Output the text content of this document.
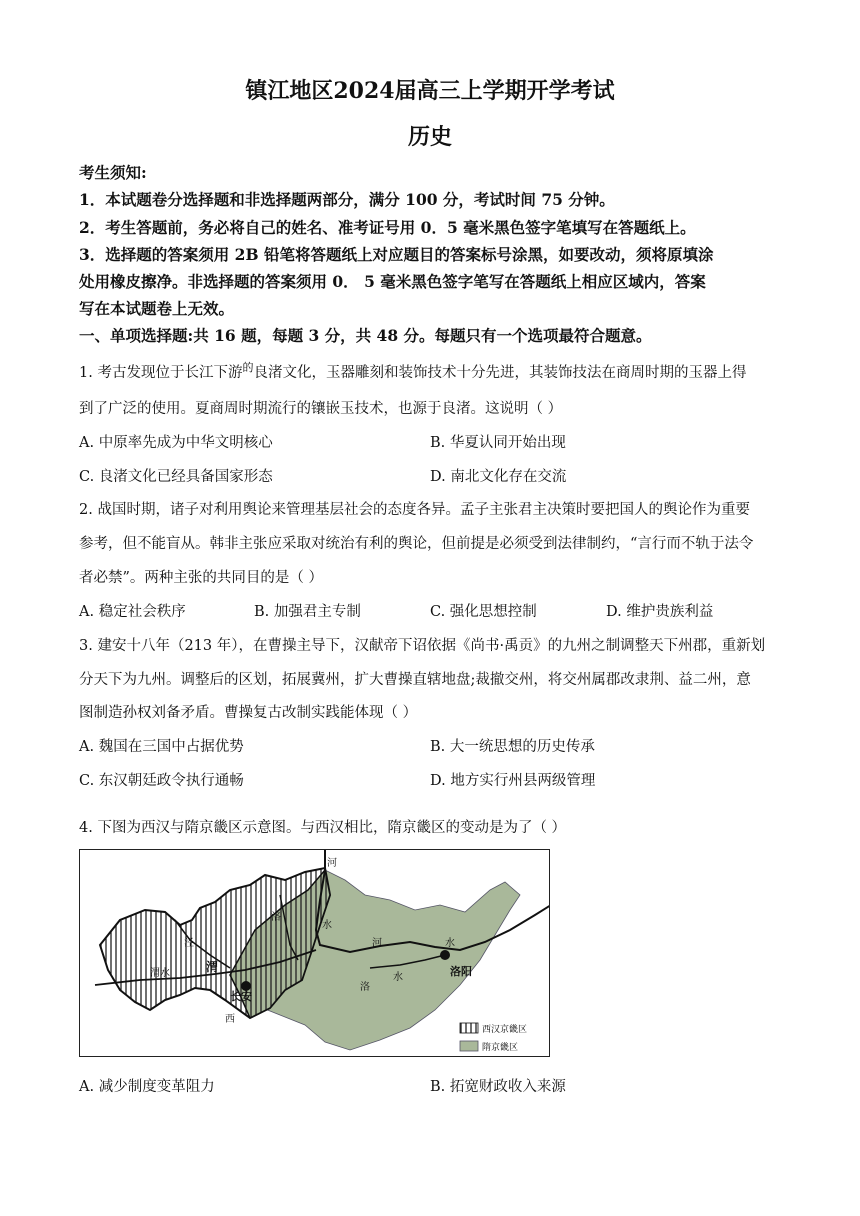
镇江地区2024届高三上学期开学考试
历史
考生须知:
1．本试题卷分选择题和非选择题两部分，满分 100 分，考试时间 75 分钟。
2．考生答题前，务必将自己的姓名、准考证号用 0．5 毫米黑色签字笔填写在答题纸上。
3．选择题的答案须用 2B 铅笔将答题纸上对应题目的答案标号涂黑，如要改动，须将原填涂
处用橡皮擦净。非选择题的答案须用 0． 5 毫米黑色签字笔写在答题纸上相应区域内，答案
写在本试题卷上无效。
一、单项选择题:共 16 题，每题 3 分，共 48 分。每题只有一个选项最符合题意。
1. 考古发现位于长江下游$^的$良渚文化，玉器雕刻和装饰技术十分先进，其装饰技法在商周时期的玉器上得
到了广泛的使用。夏商周时期流行的镶嵌玉技术，也源于良渚。这说明（ ）
A. 中原率先成为中华文明核心	B. 华夏认同开始出现
C. 良渚文化已经具备国家形态	D. 南北文化存在交流
2. 战国时期，诸子对利用舆论来管理基层社会的态度各异。孟子主张君主决策时要把国人的舆论作为重要
参考，但不能盲从。韩非主张应采取对统治有利的舆论，但前提是必须受到法律制约，“言行而不轨于法令
者必禁”。两种主张的共同目的是（ ）
A. 稳定社会秩序	B. 加强君主专制	C. 强化思想控制	D. 维护贵族利益
3. 建安十八年（213 年），在曹操主导下，汉献帝下诏依据《尚书·禹贡》的九州之制调整天下州郡，重新划
分天下为九州。调整后的区划，拓展冀州，扩大曹操直辖地盘;裁撤交州，将交州属郡改隶荆、益二州，意
图制造孙权刘备矛盾。曹操复古改制实践能体现（ ）
A. 魏国在三国中占据优势	B. 大一统思想的历史传承
C. 东汉朝廷政令执行通畅	D. 地方实行州县两级管理
4. 下图为西汉与隋京畿区示意图。与西汉相比，隋京畿区的变动是为了（ ）
河
水
洛
泾
渭水	渭
长安
河	水
洛
水	洛阳
西
西汉京畿区
隋京畿区
A. 减少制度变革阻力	B. 拓宽财政收入来源
